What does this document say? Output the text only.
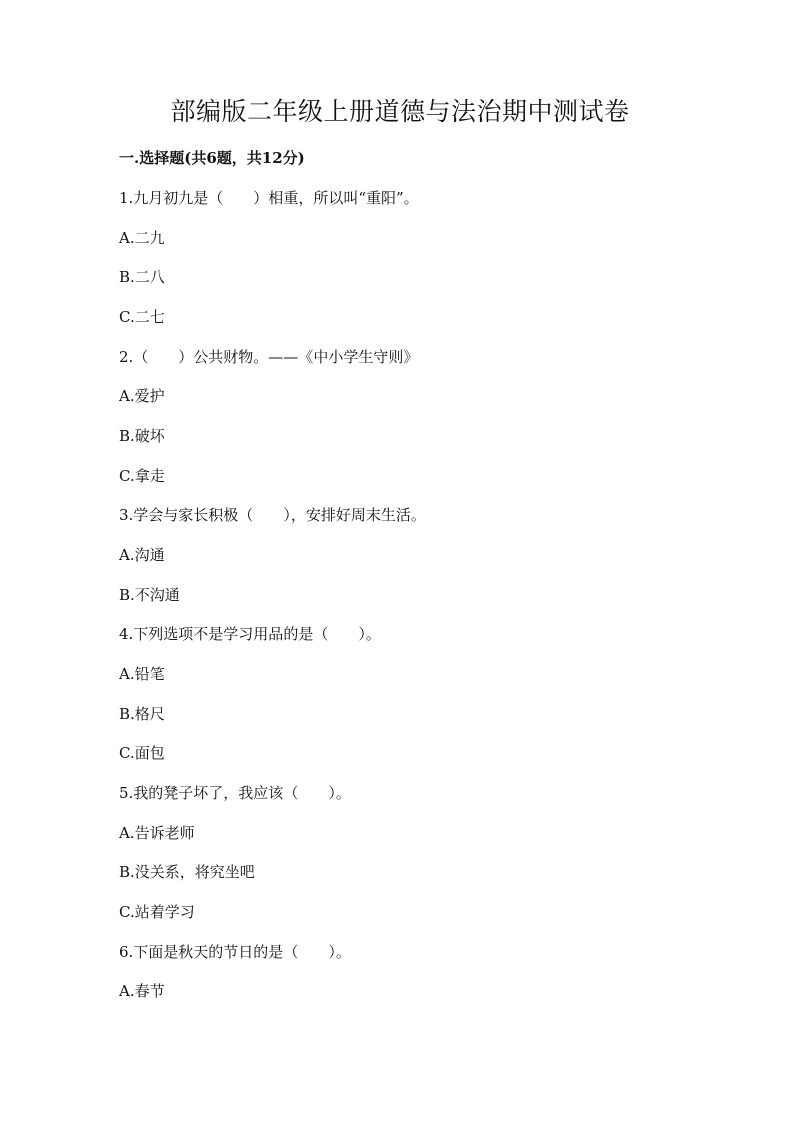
部编版二年级上册道德与法治期中测试卷
一.选择题(共6题，共12分)
1.九月初九是（　　）相重，所以叫“重阳”。
A.二九
B.二八
C.二七
2.（　　）公共财物。——《中小学生守则》
A.爱护
B.破坏
C.拿走
3.学会与家长积极（　　），安排好周末生活。
A.沟通
B.不沟通
4.下列选项不是学习用品的是（　　）。
A.铅笔
B.格尺
C.面包
5.我的凳子坏了，我应该（　　）。
A.告诉老师
B.没关系，将究坐吧
C.站着学习
6.下面是秋天的节日的是（　　）。
A.春节
